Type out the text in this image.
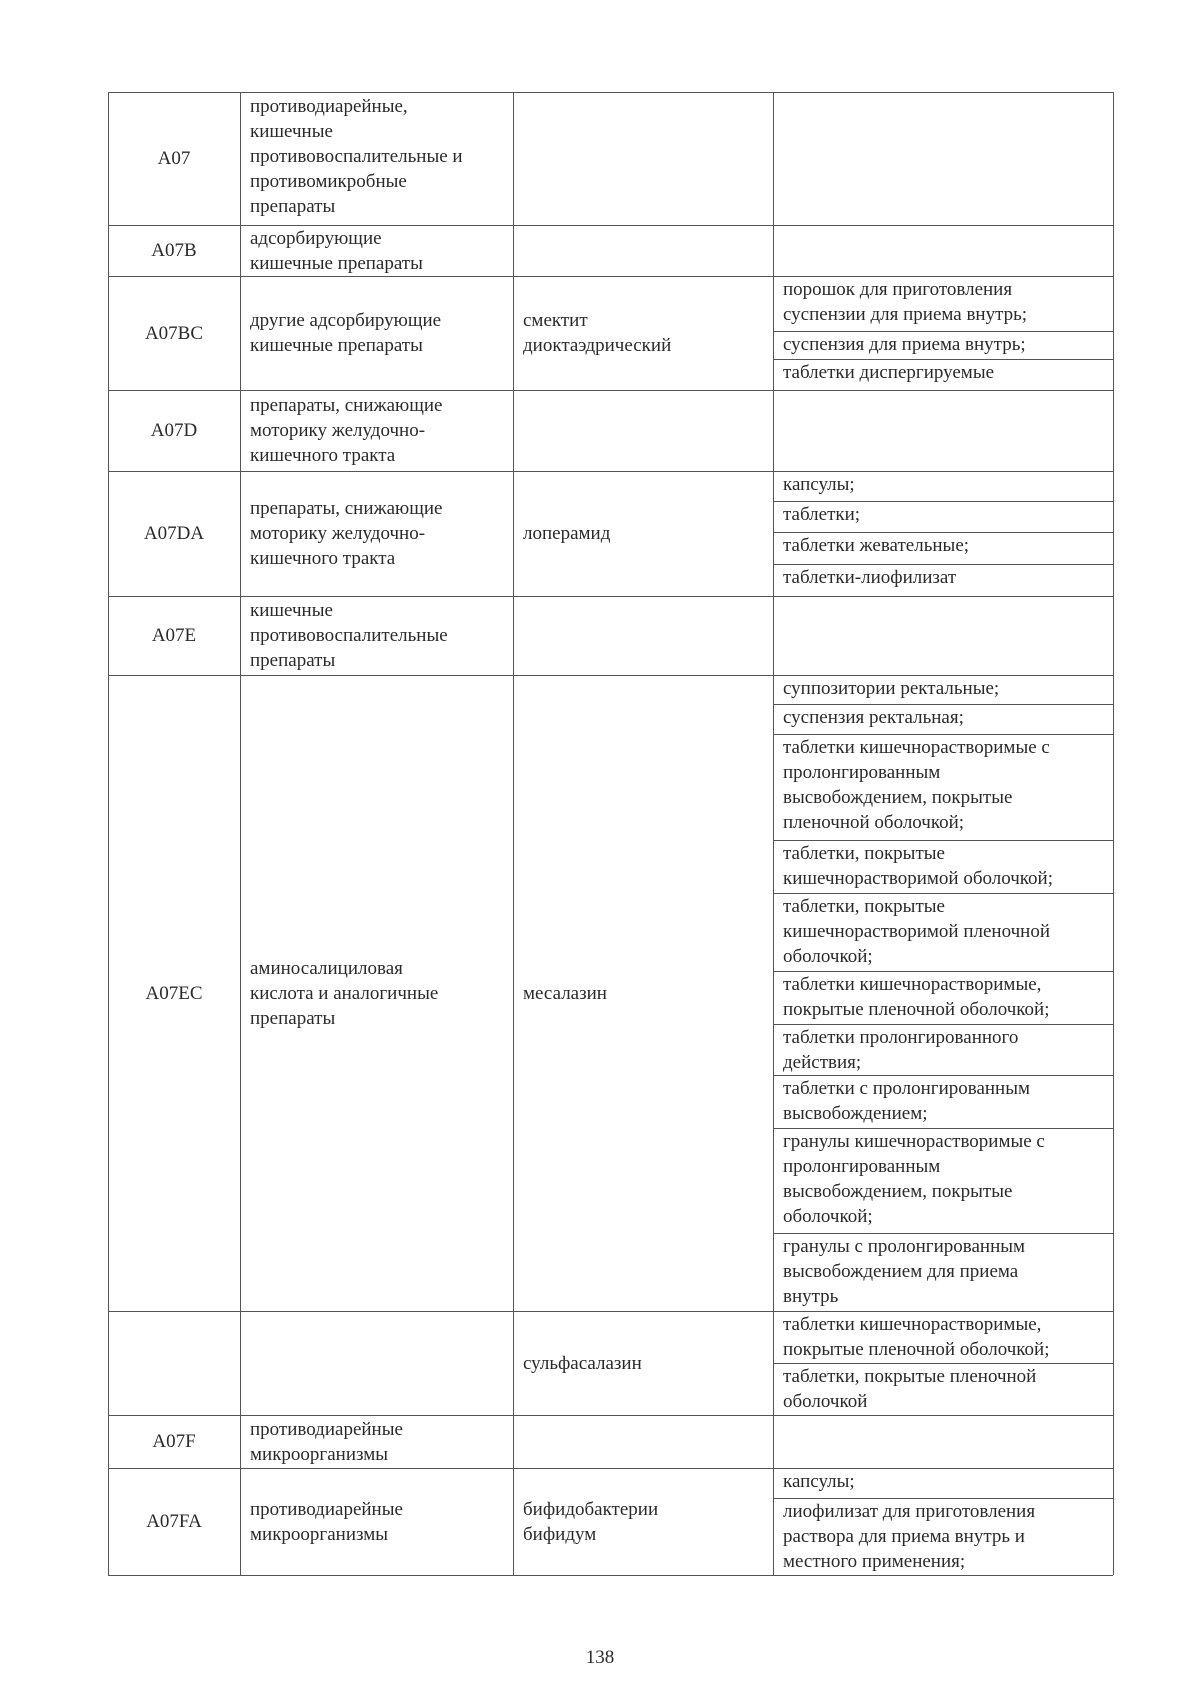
А07
противодиарейные,
кишечные
противовоспалительные и
противомикробные
препараты
А07В
адсорбирующие
кишечные препараты
А07ВС
другие адсорбирующие
кишечные препараты
смектит
диоктаэдрический
порошок для приготовления
суспензии для приема внутрь;
суспензия для приема внутрь;
таблетки диспергируемые
А07D
препараты, снижающие
моторику желудочно-
кишечного тракта
А07DA
препараты, снижающие
моторику желудочно-
кишечного тракта
лоперамид
капсулы;
таблетки;
таблетки жевательные;
таблетки-лиофилизат
А07Е
кишечные
противовоспалительные
препараты
А07ЕС
аминосалициловая
кислота и аналогичные
препараты
месалазин
суппозитории ректальные;
суспензия ректальная;
таблетки кишечнорастворимые с
пролонгированным
высвобождением, покрытые
пленочной оболочкой;
таблетки, покрытые
кишечнорастворимой оболочкой;
таблетки, покрытые
кишечнорастворимой пленочной
оболочкой;
таблетки кишечнорастворимые,
покрытые пленочной оболочкой;
таблетки пролонгированного
действия;
таблетки с пролонгированным
высвобождением;
гранулы кишечнорастворимые с
пролонгированным
высвобождением, покрытые
оболочкой;
гранулы с пролонгированным
высвобождением для приема
внутрь
сульфасалазин
таблетки кишечнорастворимые,
покрытые пленочной оболочкой;
таблетки, покрытые пленочной
оболочкой
А07F
противодиарейные
микроорганизмы
А07FA
противодиарейные
микроорганизмы
бифидобактерии
бифидум
капсулы;
лиофилизат для приготовления
раствора для приема внутрь и
местного применения;
138
